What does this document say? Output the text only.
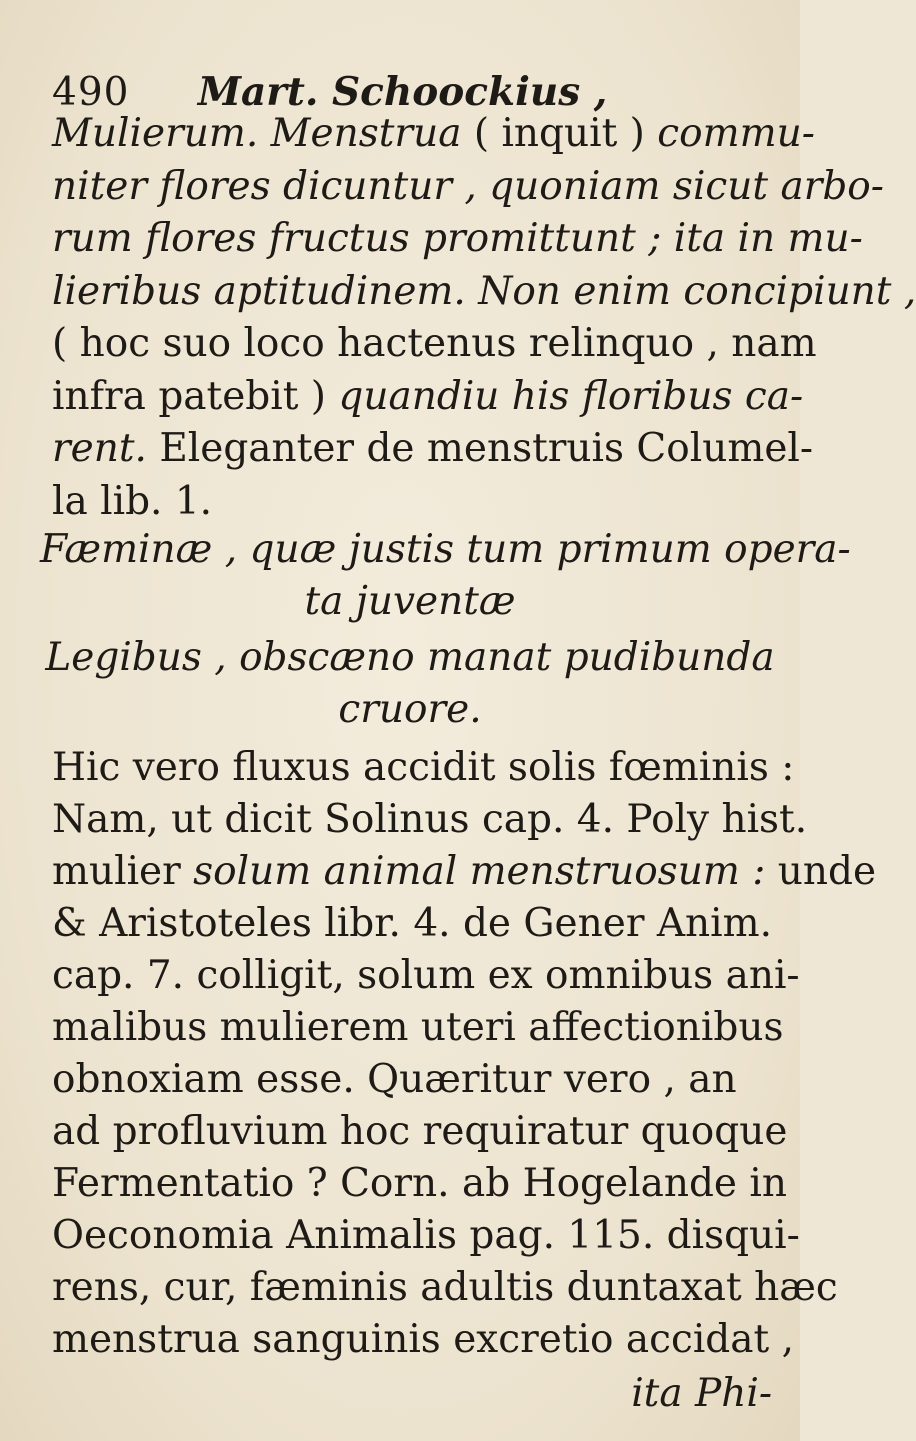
490 Mart. Schoockius ,
Mulierum. Menstrua ( inquit ) commu-
niter flores dicuntur , quoniam sicut arbo-
rum flores fructus promittunt ; ita in mu-
lieribus aptitudinem. Non enim concipiunt ,
( hoc suo loco hactenus relinquo , nam
infra patebit ) quandiu his floribus ca-
rent. Eleganter de menstruis Columel-
la lib. 1.
Fæminæ , quæ justis tum primum opera-
ta juventæ
Legibus , obscæno manat pudibunda
cruore.
Hic vero fluxus accidit solis fœminis :
Nam, ut dicit Solinus cap. 4. Poly hist.
mulier solum animal menstruosum : unde
& Aristoteles libr. 4. de Gener Anim.
cap. 7. colligit, solum ex omnibus ani-
malibus mulierem uteri affectionibus
obnoxiam esse. Quæritur vero , an
ad profluvium hoc requiratur quoque
Fermentatio ? Corn. ab Hogelande in
Oeconomia Animalis pag. 115. disqui-
rens, cur, fæminis adultis duntaxat hæc
menstrua sanguinis excretio accidat ,
ita Phi-
